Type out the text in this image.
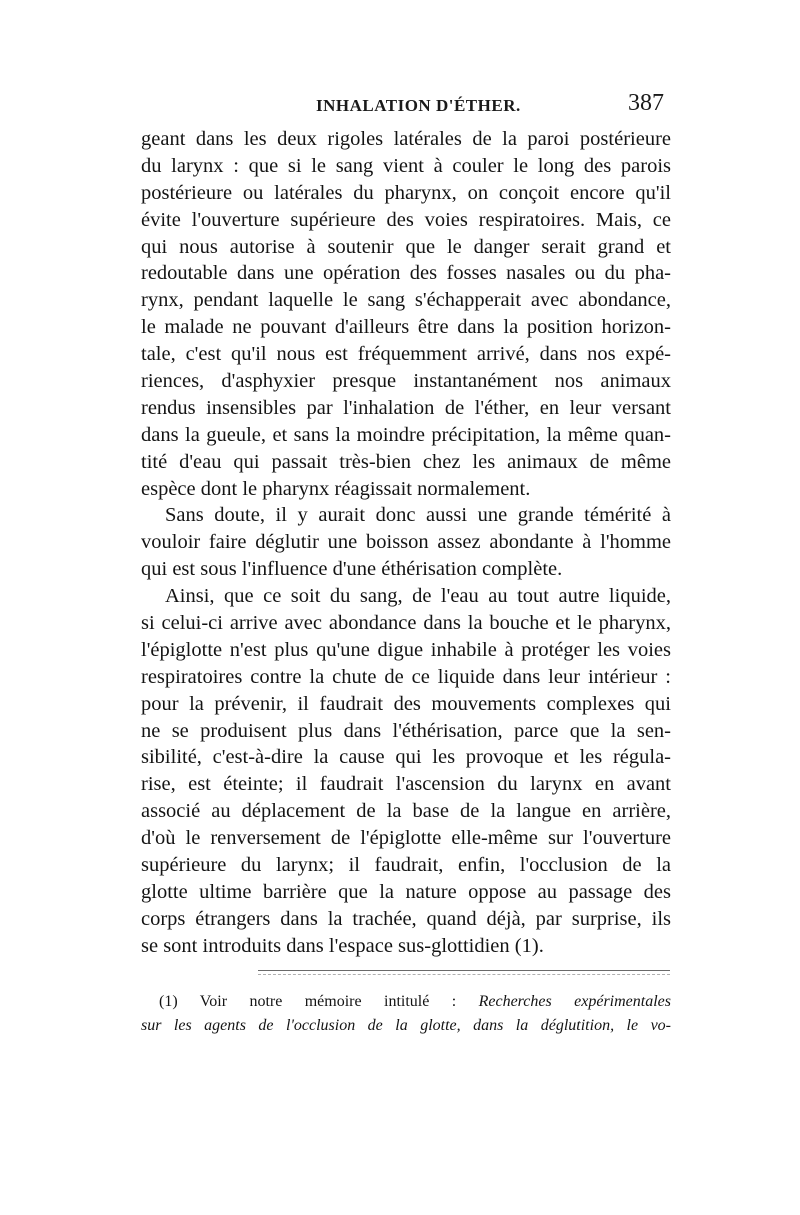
INHALATION D'ÉTHER.	387
geant dans les deux rigoles latérales de la paroi postérieure
du larynx : que si le sang vient à couler le long des parois
postérieure ou latérales du pharynx, on conçoit encore qu'il
évite l'ouverture supérieure des voies respiratoires. Mais, ce
qui nous autorise à soutenir que le danger serait grand et
redoutable dans une opération des fosses nasales ou du pha-
rynx, pendant laquelle le sang s'échapperait avec abondance,
le malade ne pouvant d'ailleurs être dans la position horizon-
tale, c'est qu'il nous est fréquemment arrivé, dans nos expé-
riences, d'asphyxier presque instantanément nos animaux
rendus insensibles par l'inhalation de l'éther, en leur versant
dans la gueule, et sans la moindre précipitation, la même quan-
tité d'eau qui passait très-bien chez les animaux de même
espèce dont le pharynx réagissait normalement.
Sans doute, il y aurait donc aussi une grande témérité à
vouloir faire déglutir une boisson assez abondante à l'homme
qui est sous l'influence d'une éthérisation complète.
Ainsi, que ce soit du sang, de l'eau au tout autre liquide,
si celui-ci arrive avec abondance dans la bouche et le pharynx,
l'épiglotte n'est plus qu'une digue inhabile à protéger les voies
respiratoires contre la chute de ce liquide dans leur intérieur :
pour la prévenir, il faudrait des mouvements complexes qui
ne se produisent plus dans l'éthérisation, parce que la sen-
sibilité, c'est-à-dire la cause qui les provoque et les régula-
rise, est éteinte; il faudrait l'ascension du larynx en avant
associé au déplacement de la base de la langue en arrière,
d'où le renversement de l'épiglotte elle-même sur l'ouverture
supérieure du larynx; il faudrait, enfin, l'occlusion de la
glotte ultime barrière que la nature oppose au passage des
corps étrangers dans la trachée, quand déjà, par surprise, ils
se sont introduits dans l'espace sus-glottidien (1).
(1) Voir notre mémoire intitulé : Recherches expérimentales
sur les agents de l'occlusion de la glotte, dans la déglutition, le vo-
